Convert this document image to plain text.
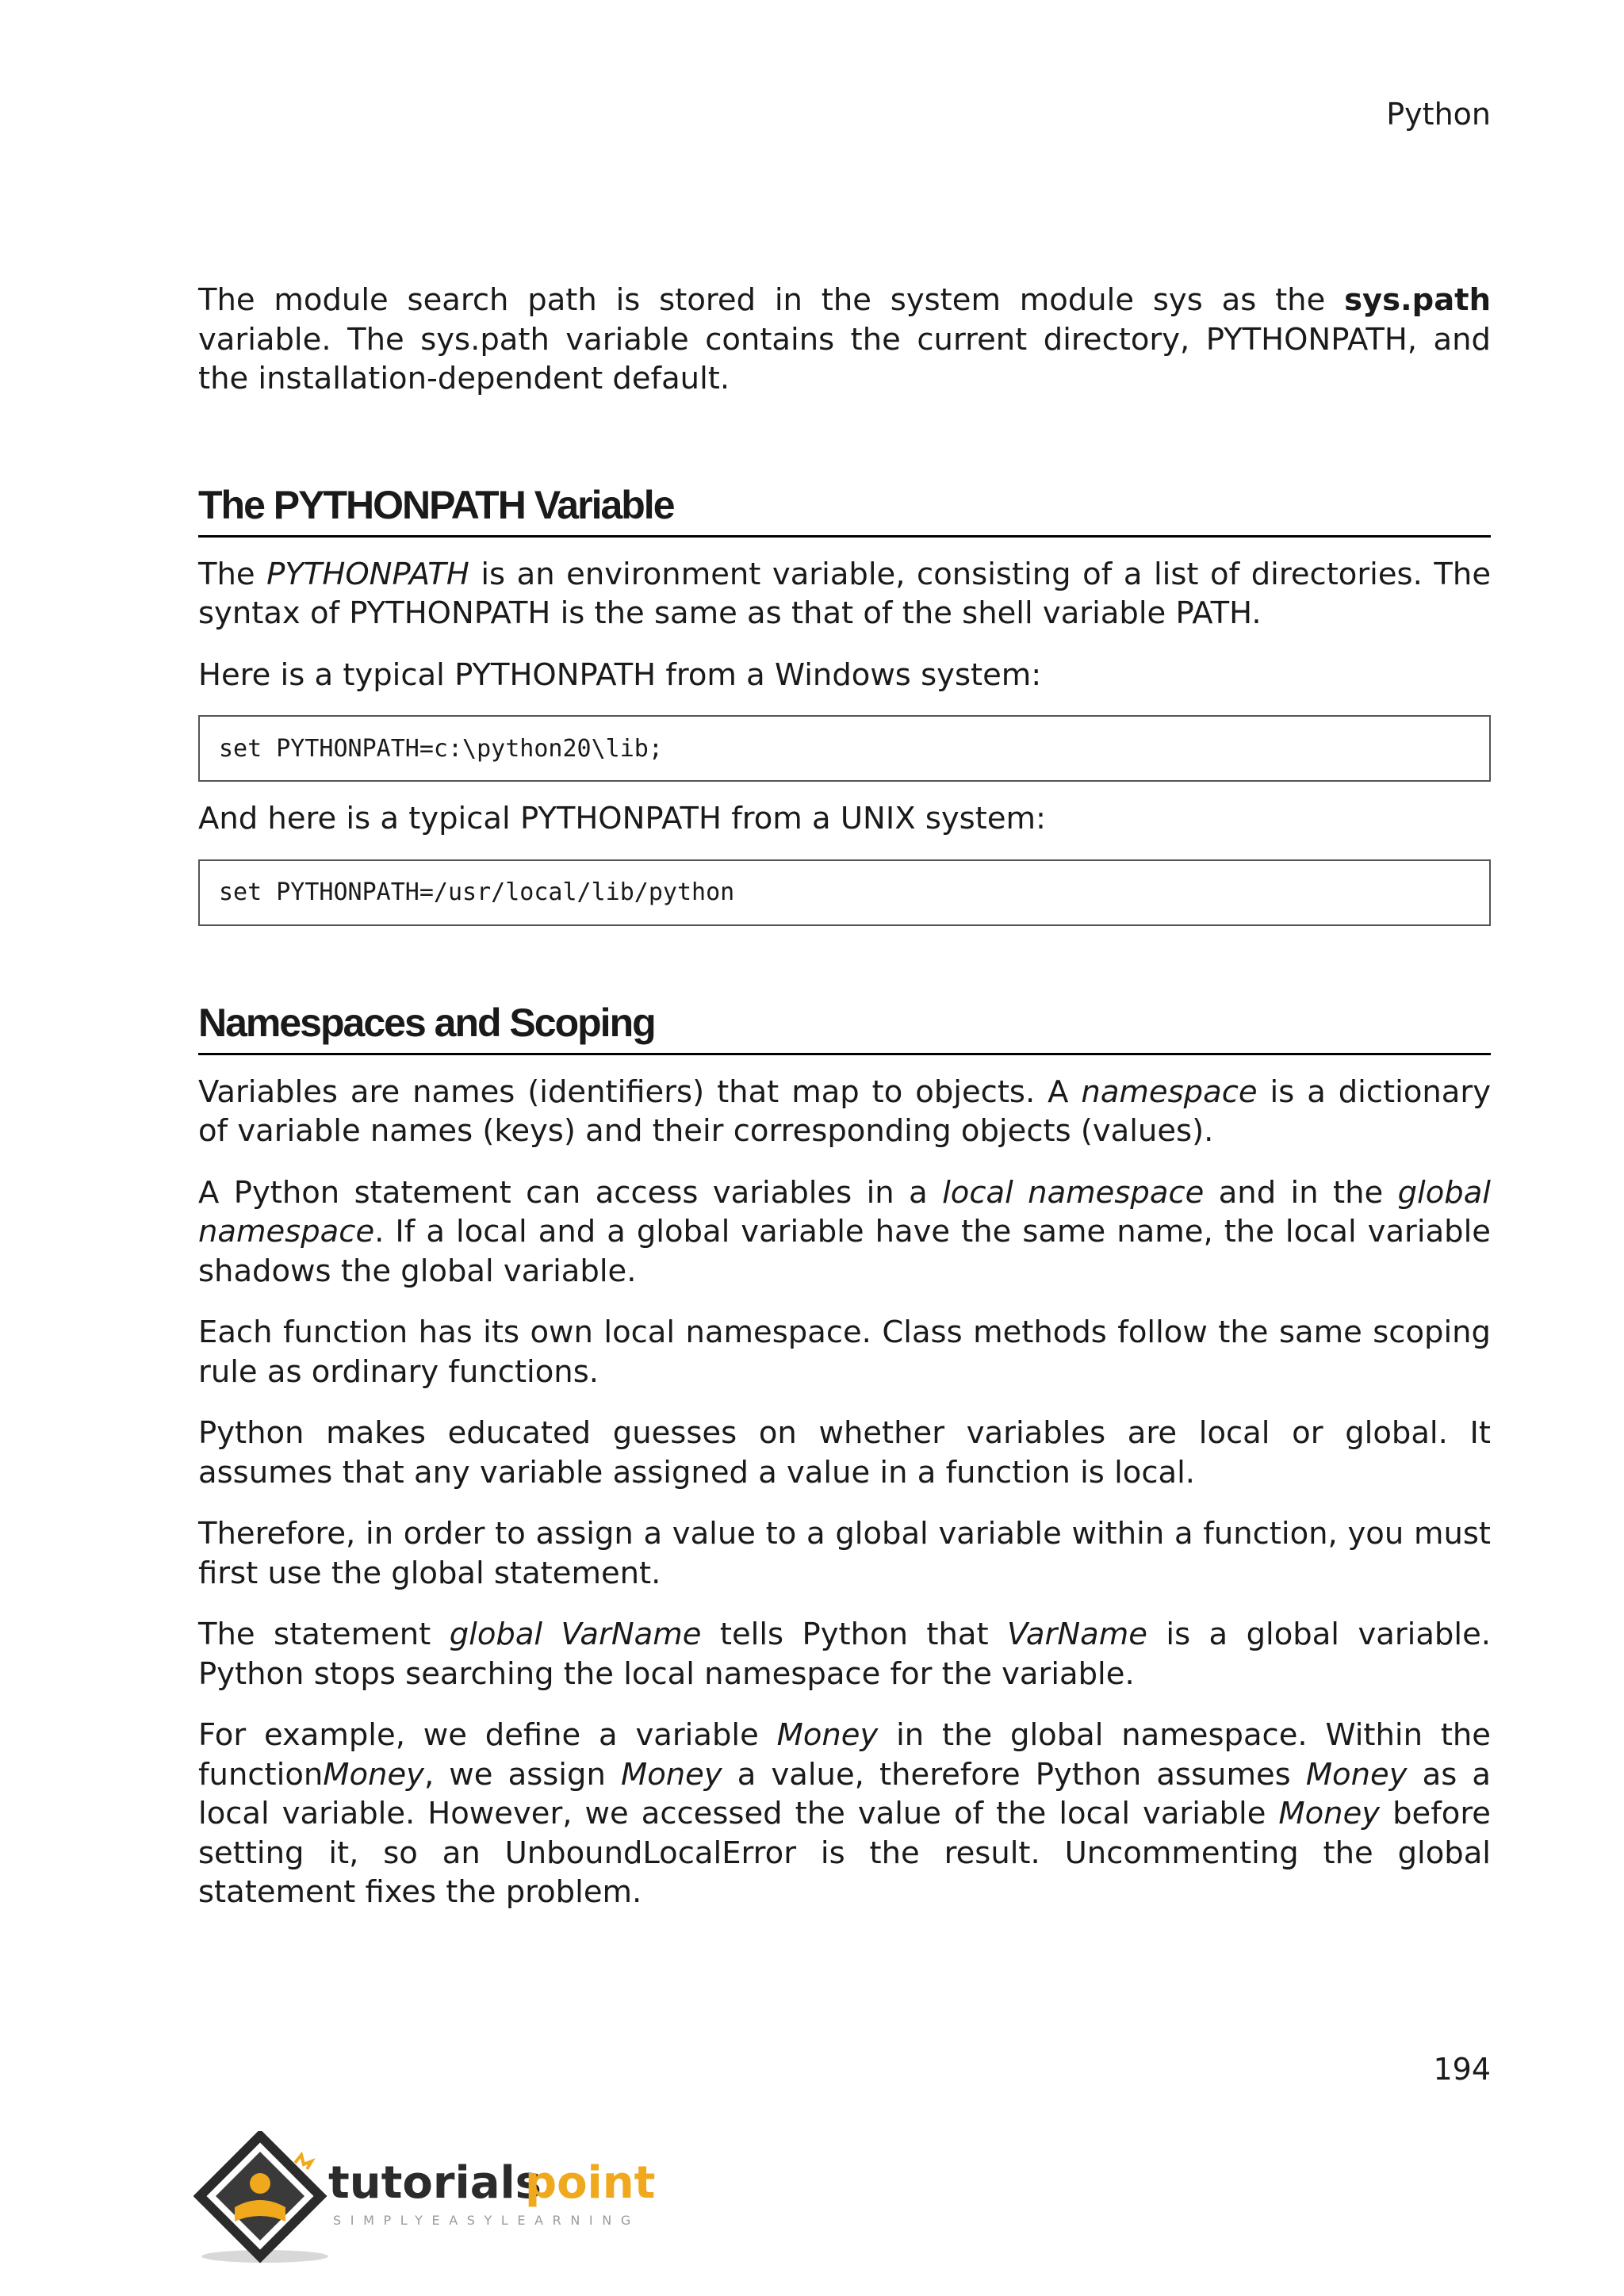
Python

The module search path is stored in the system module sys as the sys.path variable. The sys.path variable contains the current directory, PYTHONPATH, and the installation-dependent default.

The PYTHONPATH Variable

The PYTHONPATH is an environment variable, consisting of a list of directories. The syntax of PYTHONPATH is the same as that of the shell variable PATH.

Here is a typical PYTHONPATH from a Windows system:

set PYTHONPATH=c:\python20\lib;

And here is a typical PYTHONPATH from a UNIX system:

set PYTHONPATH=/usr/local/lib/python
Namespaces and Scoping

Variables are names (identifiers) that map to objects. A namespace is a dictionary of variable names (keys) and their corresponding objects (values).

A Python statement can access variables in a local namespace and in the global namespace. If a local and a global variable have the same name, the local variable shadows the global variable.

Each function has its own local namespace. Class methods follow the same scoping rule as ordinary functions.

Python makes educated guesses on whether variables are local or global. It assumes that any variable assigned a value in a function is local.

Therefore, in order to assign a value to a global variable within a function, you must first use the global statement.

The statement global VarName tells Python that VarName is a global variable. Python stops searching the local namespace for the variable.

For example, we define a variable Money in the global namespace. Within the functionMoney, we assign Money a value, therefore Python assumes Money as a local variable. However, we accessed the value of the local variable Money before setting it, so an UnboundLocalError is the result. Uncommenting the global statement fixes the problem.

194
tutorials
point
SIMPLYEASYLEARNING
